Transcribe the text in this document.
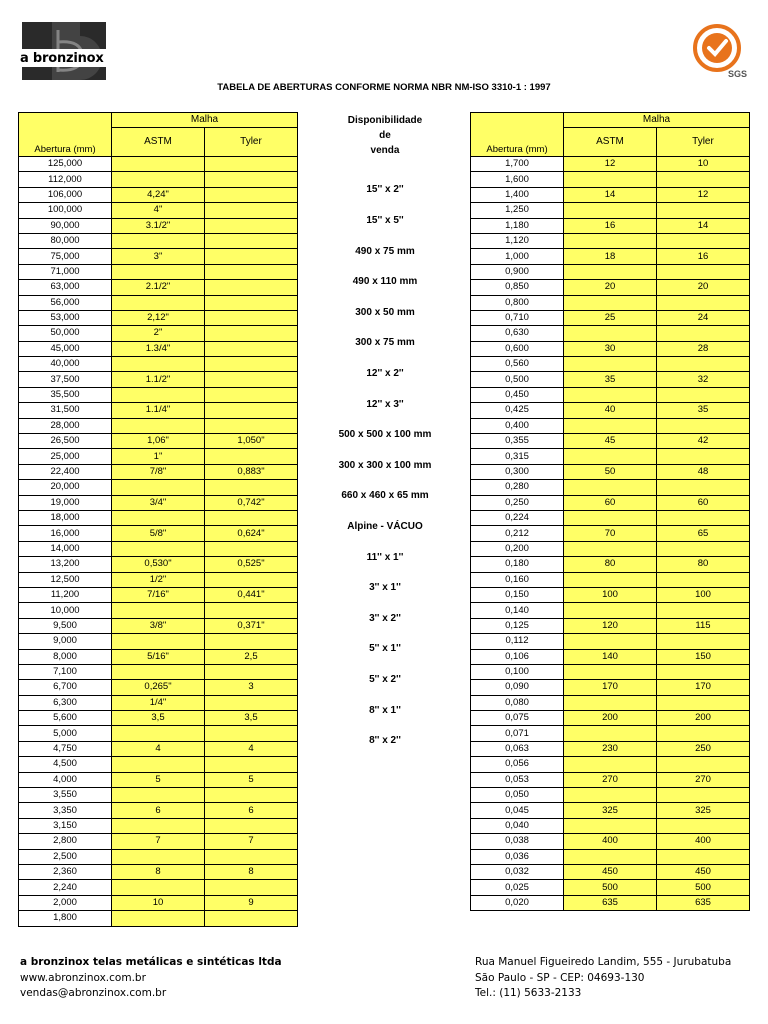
a bronzinox
SGS
TABELA DE ABERTURAS CONFORME NORMA NBR NM-ISO 3310-1 : 1997
Abertura (mm)	Malha	
	ASTM	Tyler
125,000		
112,000		
106,000	4,24"	
100,000	4"	
90,000	3.1/2"	
80,000		
75,000	3"	
71,000		
63,000	2.1/2"	
56,000		
53,000	2,12"	
50,000	2"	
45,000	1.3/4"	
40,000		
37,500	1.1/2"	
35,500		
31,500	1.1/4"	
28,000		
26,500	1,06"	1,050"
25,000	1"	
22,400	7/8"	0,883"
20,000		
19,000	3/4"	0,742"
18,000		
16,000	5/8"	0,624"
14,000		
13,200	0,530"	0,525"
12,500	1/2"	
11,200	7/16"	0,441"
10,000		
9,500	3/8"	0,371"
9,000		
8,000	5/16"	2,5
7,100		
6,700	0,265"	3
6,300	1/4"	
5,600	3,5	3,5
5,000		
4,750	4	4
4,500		
4,000	5	5
3,550		
3,350	6	6
3,150		
2,800	7	7
2,500		
2,360	8	8
2,240		
2,000	10	9
1,800		
Abertura (mm)	Malha	
	ASTM	Tyler
1,700	12	10
1,600		
1,400	14	12
1,250		
1,180	16	14
1,120		
1,000	18	16
0,900		
0,850	20	20
0,800		
0,710	25	24
0,630		
0,600	30	28
0,560		
0,500	35	32
0,450		
0,425	40	35
0,400		
0,355	45	42
0,315		
0,300	50	48
0,280		
0,250	60	60
0,224		
0,212	70	65
0,200		
0,180	80	80
0,160		
0,150	100	100
0,140		
0,125	120	115
0,112		
0,106	140	150
0,100		
0,090	170	170
0,080		
0,075	200	200
0,071		
0,063	230	250
0,056		
0,053	270	270
0,050		
0,045	325	325
0,040		
0,038	400	400
0,036		
0,032	450	450
0,025	500	500
0,020	635	635
Disponibilidade
de
venda
15'' x 2''
15'' x 5''
490 x 75 mm
490 x 110 mm
300 x 50 mm
300 x 75 mm
12'' x 2''
12'' x 3''
500 x 500 x 100 mm
300 x 300 x 100 mm
660 x 460 x 65 mm
Alpine - VÁCUO
11'' x 1''
3'' x 1''
3'' x 2''
5'' x 1''
5'' x 2''
8'' x 1''
8'' x 2''
a bronzinox telas metálicas e sintéticas ltda
www.abronzinox.com.br
vendas@abronzinox.com.br
Rua Manuel Figueiredo Landim, 555 - Jurubatuba
São Paulo - SP - CEP: 04693-130
Tel.: (11) 5633-2133
